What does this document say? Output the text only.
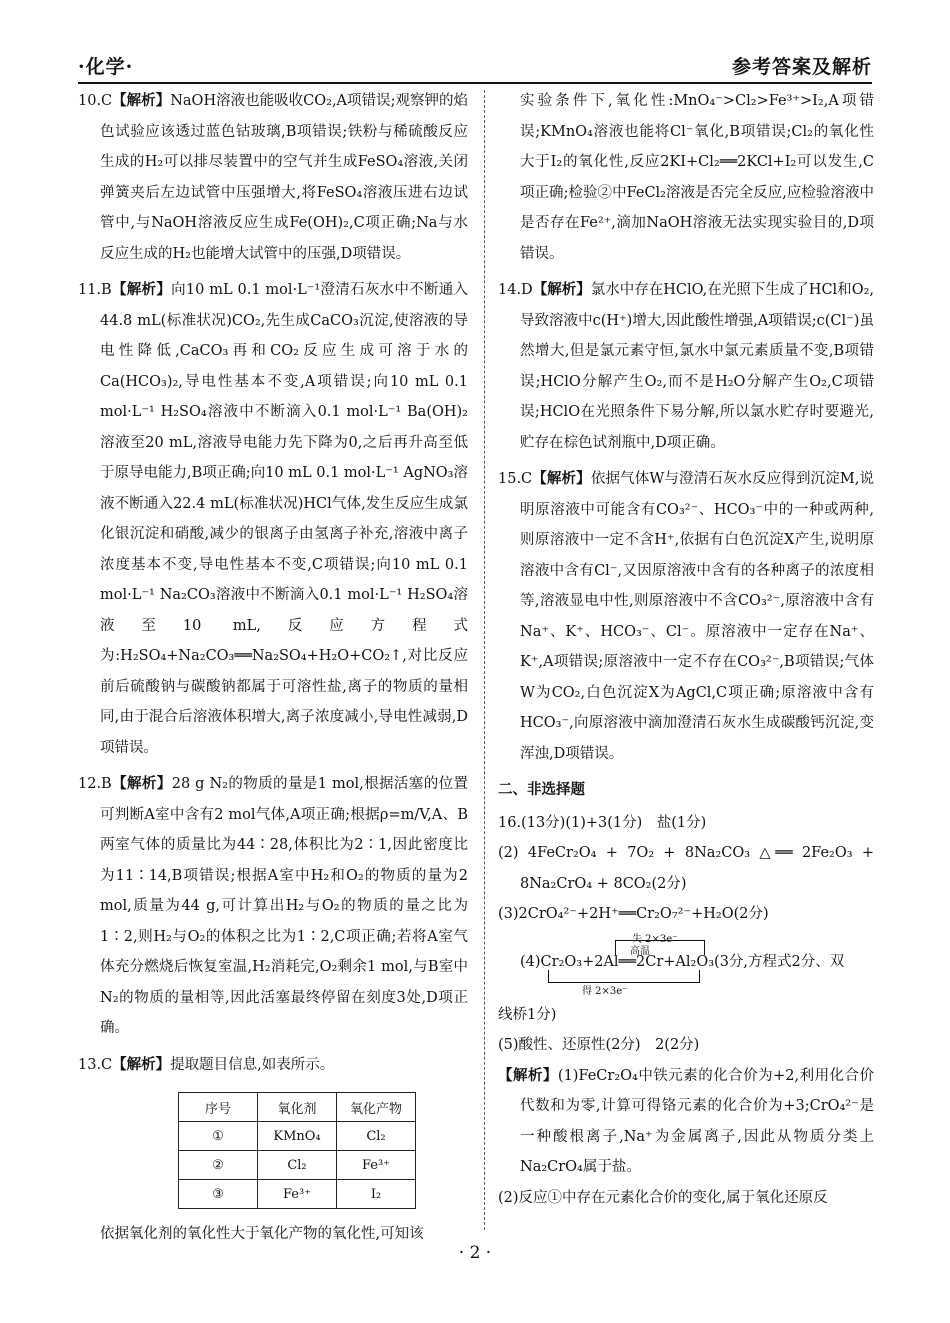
·化学·	参考答案及解析

10.C【解析】NaOH溶液也能吸收CO₂,A项错误;观察钾的焰色试验应该透过蓝色钴玻璃,B项错误;铁粉与稀硫酸反应生成的H₂可以排尽装置中的空气并生成FeSO₄溶液,关闭弹簧夹后左边试管中压强增大,将FeSO₄溶液压进右边试管中,与NaOH溶液反应生成Fe(OH)₂,C项正确;Na与水反应生成的H₂也能增大试管中的压强,D项错误。

11.B【解析】向10 mL 0.1 mol·L⁻¹澄清石灰水中不断通入44.8 mL(标准状况)CO₂,先生成CaCO₃沉淀,使溶液的导电性降低,CaCO₃再和CO₂反应生成可溶于水的Ca(HCO₃)₂,导电性基本不变,A项错误;向10 mL 0.1 mol·L⁻¹ H₂SO₄溶液中不断滴入0.1 mol·L⁻¹ Ba(OH)₂溶液至20 mL,溶液导电能力先下降为0,之后再升高至低于原导电能力,B项正确;向10 mL 0.1 mol·L⁻¹ AgNO₃溶液不断通入22.4 mL(标准状况)HCl气体,发生反应生成氯化银沉淀和硝酸,减少的银离子由氢离子补充,溶液中离子浓度基本不变,导电性基本不变,C项错误;向10 mL 0.1 mol·L⁻¹ Na₂CO₃溶液中不断滴入0.1 mol·L⁻¹ H₂SO₄溶液至10 mL,反应方程式为:H₂SO₄+Na₂CO₃══Na₂SO₄+H₂O+CO₂↑,对比反应前后硫酸钠与碳酸钠都属于可溶性盐,离子的物质的量相同,由于混合后溶液体积增大,离子浓度减小,导电性减弱,D项错误。

12.B【解析】28 g N₂的物质的量是1 mol,根据活塞的位置可判断A室中含有2 mol气体,A项正确;根据ρ=m/V,A、B两室气体的质量比为44∶28,体积比为2∶1,因此密度比为11∶14,B项错误;根据A室中H₂和O₂的物质的量为2 mol,质量为44 g,可计算出H₂与O₂的物质的量之比为1∶2,则H₂与O₂的体积之比为1∶2,C项正确;若将A室气体充分燃烧后恢复室温,H₂消耗完,O₂剩余1 mol,与B室中N₂的物质的量相等,因此活塞最终停留在刻度3处,D项正确。

13.C【解析】提取题目信息,如表所示。

序号	氧化剂	氧化产物
①	KMnO₄	Cl₂
②	Cl₂	Fe³⁺
③	Fe³⁺	I₂

依据氧化剂的氧化性大于氧化产物的氧化性,可知该

实验条件下,氧化性:MnO₄⁻>Cl₂>Fe³⁺>I₂,A项错误;KMnO₄溶液也能将Cl⁻氧化,B项错误;Cl₂的氧化性大于I₂的氧化性,反应2KI+Cl₂══2KCl+I₂可以发生,C项正确;检验②中FeCl₂溶液是否完全反应,应检验溶液中是否存在Fe²⁺,滴加NaOH溶液无法实现实验目的,D项错误。

14.D【解析】氯水中存在HClO,在光照下生成了HCl和O₂,导致溶液中c(H⁺)增大,因此酸性增强,A项错误;c(Cl⁻)虽然增大,但是氯元素守恒,氯水中氯元素质量不变,B项错误;HClO分解产生O₂,而不是H₂O分解产生O₂,C项错误;HClO在光照条件下易分解,所以氯水贮存时要避光,贮存在棕色试剂瓶中,D项正确。

15.C【解析】依据气体W与澄清石灰水反应得到沉淀M,说明原溶液中可能含有CO₃²⁻、HCO₃⁻中的一种或两种,则原溶液中一定不含H⁺,依据有白色沉淀X产生,说明原溶液中含有Cl⁻,又因原溶液中含有的各种离子的浓度相等,溶液显电中性,则原溶液中不含CO₃²⁻,原溶液中含有Na⁺、K⁺、HCO₃⁻、Cl⁻。原溶液中一定存在Na⁺、K⁺,A项错误;原溶液中一定不存在CO₃²⁻,B项错误;气体W为CO₂,白色沉淀X为AgCl,C项正确;原溶液中含有HCO₃⁻,向原溶液中滴加澄清石灰水生成碳酸钙沉淀,变浑浊,D项错误。

二、非选择题

16.(13分)(1)+3(1分)　盐(1分)

(2) 4FeCr₂O₄ + 7O₂ + 8Na₂CO₃ △══ 2Fe₂O₃ + 8Na₂CrO₄ + 8CO₂(2分)

(3)2CrO₄²⁻+2H⁺══Cr₂O₇²⁻+H₂O(2分)

失 2×3e⁻
高温
(4)Cr₂O₃+2Al══2Cr+Al₂O₃(3分,方程式2分、双
得 2×3e⁻

线桥1分)

(5)酸性、还原性(2分)　2(2分)

【解析】(1)FeCr₂O₄中铁元素的化合价为+2,利用化合价代数和为零,计算可得铬元素的化合价为+3;CrO₄²⁻是一种酸根离子,Na⁺为金属离子,因此从物质分类上Na₂CrO₄属于盐。

(2)反应①中存在元素化合价的变化,属于氧化还原反

· 2 ·
